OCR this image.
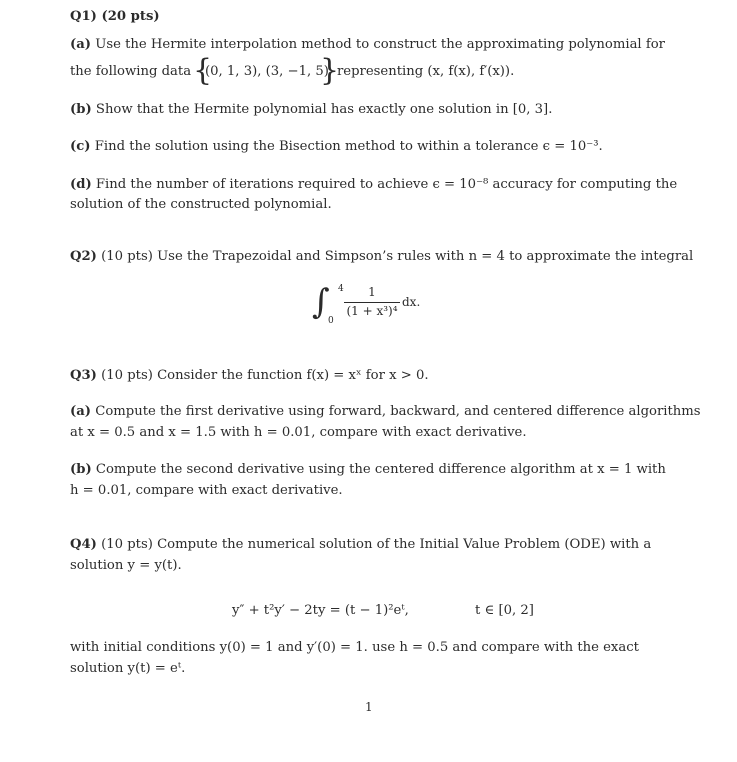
Q1) (20 pts)
(a) Use the Hermite interpolation method to construct the approximating polynomial for
the following data {
(0, 1, 3), (3, −1, 5)
}
representing (x, f(x), f′(x)).
(b) Show that the Hermite polynomial has exactly one solution in [0, 3].
(c) Find the solution using the Bisection method to within a tolerance ϵ = 10⁻³.
(d) Find the number of iterations required to achieve ϵ = 10⁻⁸ accuracy for computing the
solution of the constructed polynomial.
Q2) (10 pts) Use the Trapezoidal and Simpson’s rules with n = 4 to approximate the integral
∫ 4
0
1
(1 + x³)⁴
dx.
Q3) (10 pts) Consider the function f(x) = xˣ for x > 0.
(a) Compute the first derivative using forward, backward, and centered difference algorithms
at x = 0.5 and x = 1.5 with h = 0.01, compare with exact derivative.
(b) Compute the second derivative using the centered difference algorithm at x = 1 with
h = 0.01, compare with exact derivative.
Q4) (10 pts) Compute the numerical solution of the Initial Value Problem (ODE) with a
solution y = y(t).
y″ + t²y′ − 2ty = (t − 1)²eᵗ,	t ∈ [0, 2]
with initial conditions y(0) = 1 and y′(0) = 1. use h = 0.5 and compare with the exact
solution y(t) = eᵗ.
1
